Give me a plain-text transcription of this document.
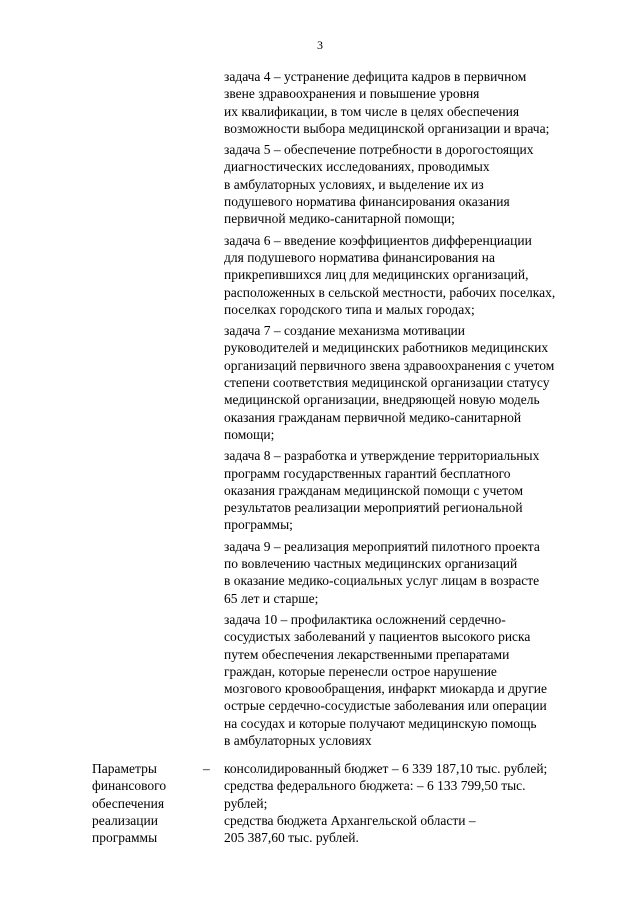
3
задача 4 – устранение дефицита кадров в первичном
звене здравоохранения и повышение уровня
их квалификации, в том числе в целях обеспечения
возможности выбора медицинской организации и врача;
задача 5 – обеспечение потребности в дорогостоящих
диагностических исследованиях, проводимых
в амбулаторных условиях, и выделение их из
подушевого норматива финансирования оказания
первичной медико-санитарной помощи;
задача 6 – введение коэффициентов дифференциации
для подушевого норматива финансирования на
прикрепившихся лиц для медицинских организаций,
расположенных в сельской местности, рабочих поселках,
поселках городского типа и малых городах;
задача 7 – создание механизма мотивации
руководителей и медицинских работников медицинских
организаций первичного звена здравоохранения с учетом
степени соответствия медицинской организации статусу
медицинской организации, внедряющей новую модель
оказания гражданам первичной медико-санитарной
помощи;
задача 8 – разработка и утверждение территориальных
программ государственных гарантий бесплатного
оказания гражданам медицинской помощи с учетом
результатов реализации мероприятий региональной
программы;
задача 9 – реализация мероприятий пилотного проекта
по вовлечению частных медицинских организаций
в оказание медико-социальных услуг лицам в возрасте
65 лет и старше;
задача 10 – профилактика осложнений сердечно-
сосудистых заболеваний у пациентов высокого риска
путем обеспечения лекарственными препаратами
граждан, которые перенесли острое нарушение
мозгового кровообращения, инфаркт миокарда и другие
острые сердечно-сосудистые заболевания или операции
на сосудах и которые получают медицинскую помощь
в амбулаторных условиях
Параметры
финансового
обеспечения
реализации
программы
– консолидированный бюджет – 6 339 187,10 тыс. рублей;
средства федерального бюджета: – 6 133 799,50 тыс.
рублей;
средства бюджета Архангельской области –
205 387,60 тыс. рублей.
